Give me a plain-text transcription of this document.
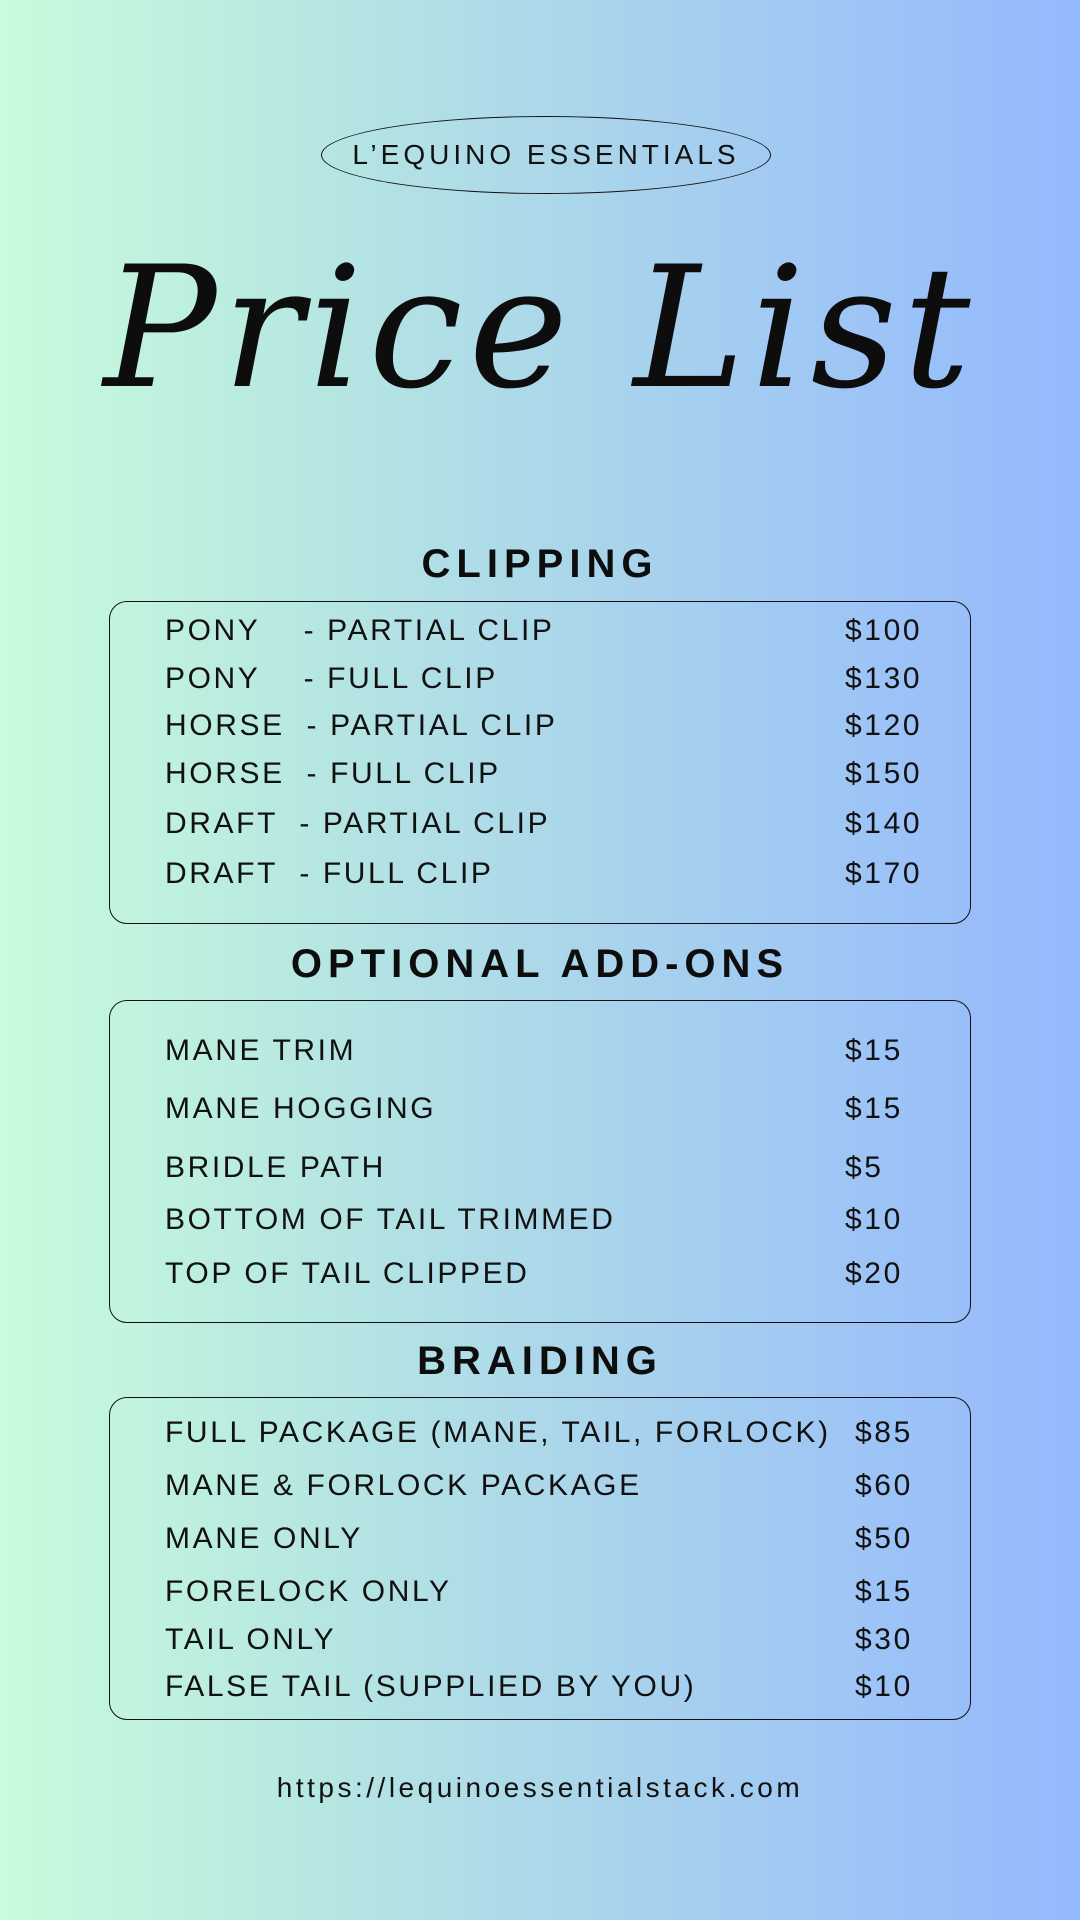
L’EQUINO ESSENTIALS
Price List
CLIPPING
PONY    - PARTIAL CLIP	$100
PONY    - FULL CLIP	$130
HORSE  - PARTIAL CLIP	$120
HORSE  - FULL CLIP	$150
DRAFT  - PARTIAL CLIP	$140
DRAFT  - FULL CLIP	$170
OPTIONAL ADD-ONS
MANE TRIM	$15
MANE HOGGING	$15
BRIDLE PATH	$5
BOTTOM OF TAIL TRIMMED	$10
TOP OF TAIL CLIPPED	$20
BRAIDING
FULL PACKAGE (MANE, TAIL, FORLOCK) $85
MANE & FORLOCK PACKAGE	$60
MANE ONLY	$50
FORELOCK ONLY	$15
TAIL ONLY	$30
FALSE TAIL (SUPPLIED BY YOU)	$10
https://lequinoessentialstack.com
